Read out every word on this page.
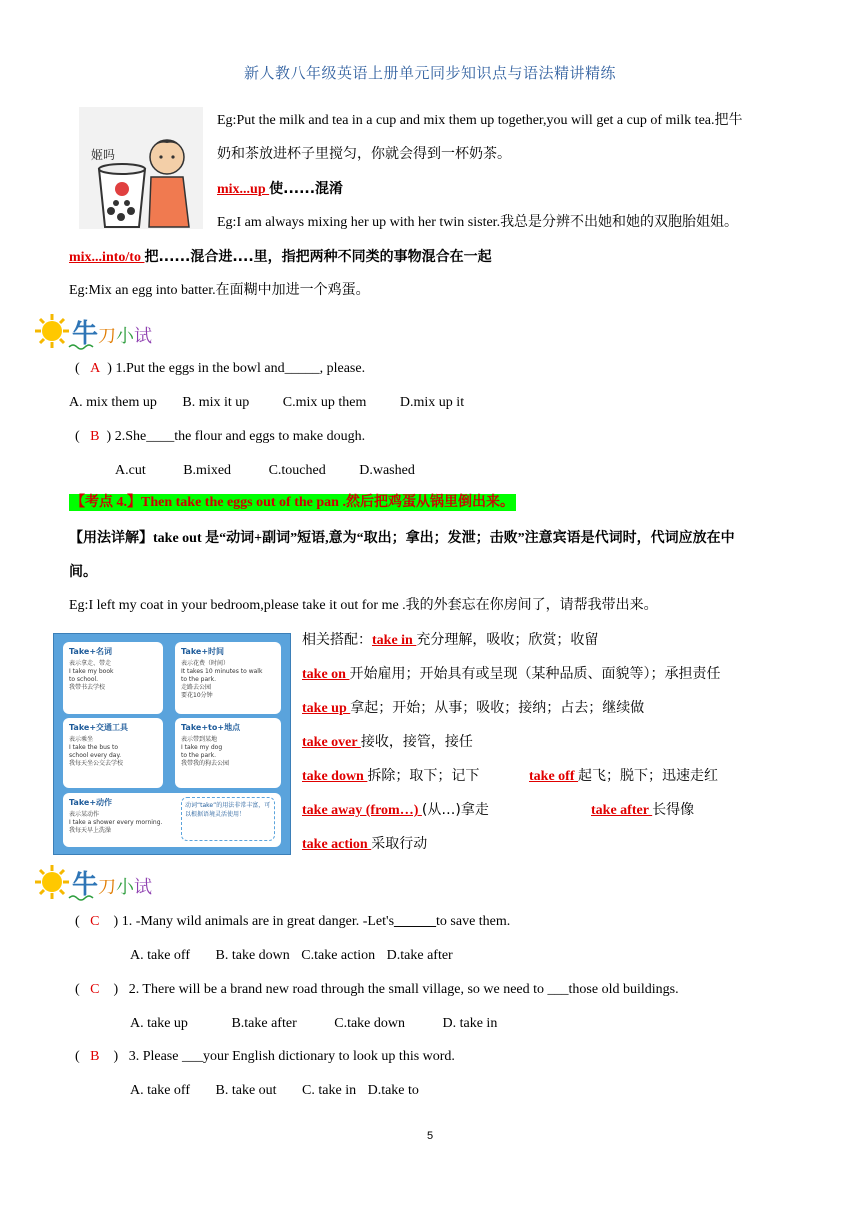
新人教八年级英语上册单元同步知识点与语法精讲精练
姬吗
Eg:Put the milk and tea in a cup and mix them up together,you will get a cup of milk tea.把牛
奶和茶放进杯子里搅匀，你就会得到一杯奶茶。
mix...up 使......混淆
Eg:I am always mixing her up with her twin sister.我总是分辨不出她和她的双胞胎姐姐。
mix...into/to 把......混合进....里，指把两种不同类的事物混合在一起
Eg:Mix an egg into batter.在面糊中加进一个鸡蛋。
牛刀小试
(   A  ) 1.Put the eggs in the bowl and_____, please.
A. mix them up B. mix it up C.mix up them D.mix up it
(   B  ) 2.She____the flour and eggs to make dough.
A.cut	B.mixed	C.touched D.washed
【考点 4.】Then take the eggs out of the pan .然后把鸡蛋从锅里倒出来。
【用法详解】take out 是“动词+副词”短语,意为“取出；拿出；发泄；击败”注意宾语是代词时，代词应放在中
间。
Eg:I left my coat in your bedroom,please take it out for me .我的外套忘在你房间了，请帮我带出来。
Take+名词
表示拿走、带走
I take my book
to school.
我带书去学校
Take+时间
表示花费（时间）
It takes 10 minutes to walk
to the park.
走路去公园
要花10分钟
Take+交通工具
表示乘坐
I take the bus to
school every day.
我每天坐公交去学校
Take+to+地点
表示带到某地
I take my dog
to the park.
我带我的狗去公园
Take+动作
表示某动作
I take a shower every morning.
我每天早上洗澡
动词“take”的用法非常丰富，可以根据语境灵活使用！
相关搭配：take in 充分理解，吸收；欣赏；收留
take on 开始雇用；开始具有或呈现（某种品质、面貌等）；承担责任
take up 拿起；开始；从事；吸收；接纳；占去；继续做
take over 接收，接管，接任
take down 拆除；取下；记下	take off 起飞；脱下；迅速走红
take away (from…) (从…)拿走	take after 长得像
take action 采取行动
牛刀小试
(   C    ) 1. -Many wild animals are in great danger. -Let's______to save them.
A. take off B. take down C.take action D.take after
(   C    )   2. There will be a brand new road through the small village, so we need to ___those old buildings.
A. take up	B.take after	C.take down	D. take in
(   B    )   3. Please ___your English dictionary to look up this word.
A. take off B. take out C. take in D.take to
5
